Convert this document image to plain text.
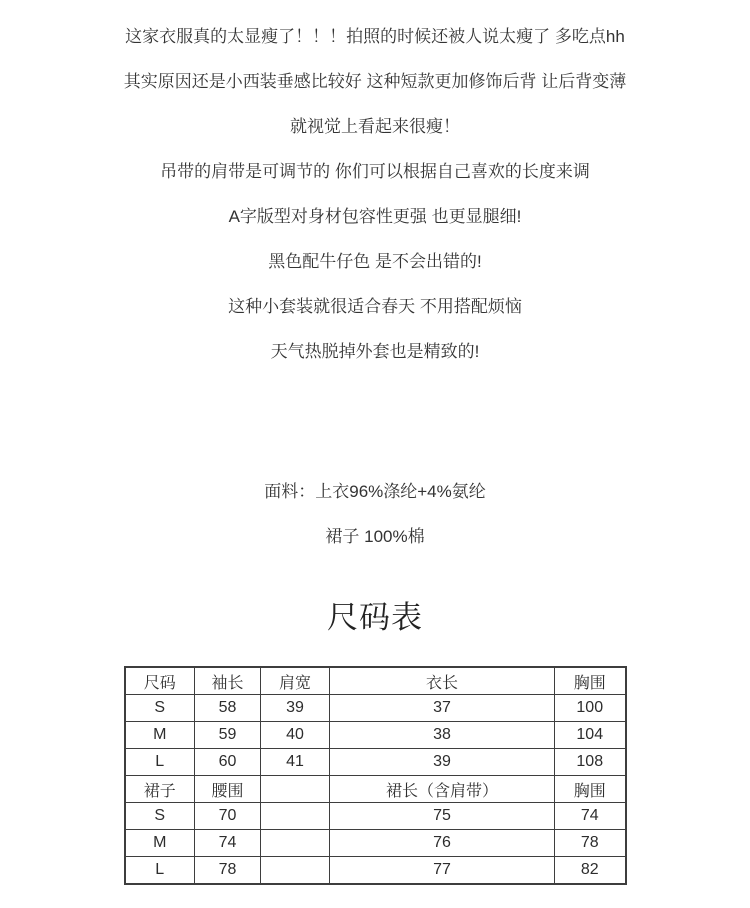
这家衣服真的太显瘦了！！！拍照的时候还被人说太瘦了 多吃点hh

其实原因还是小西装垂感比较好 这种短款更加修饰后背 让后背变薄

就视觉上看起来很瘦！

吊带的肩带是可调节的 你们可以根据自己喜欢的长度来调

A字版型对身材包容性更强 也更显腿细!

黑色配牛仔色 是不会出错的!

这种小套装就很适合春天 不用搭配烦恼

天气热脱掉外套也是精致的!

面料：上衣96%涤纶+4%氨纶

裙子 100%棉

尺码表
尺码	袖长	肩宽	衣长	胸围
S	58	39	37	100
M	59	40	38	104
L	60	41	39	108
裙子	腰围		裙长（含肩带）	胸围
S	70		75	74
M	74		76	78
L	78		77	82
